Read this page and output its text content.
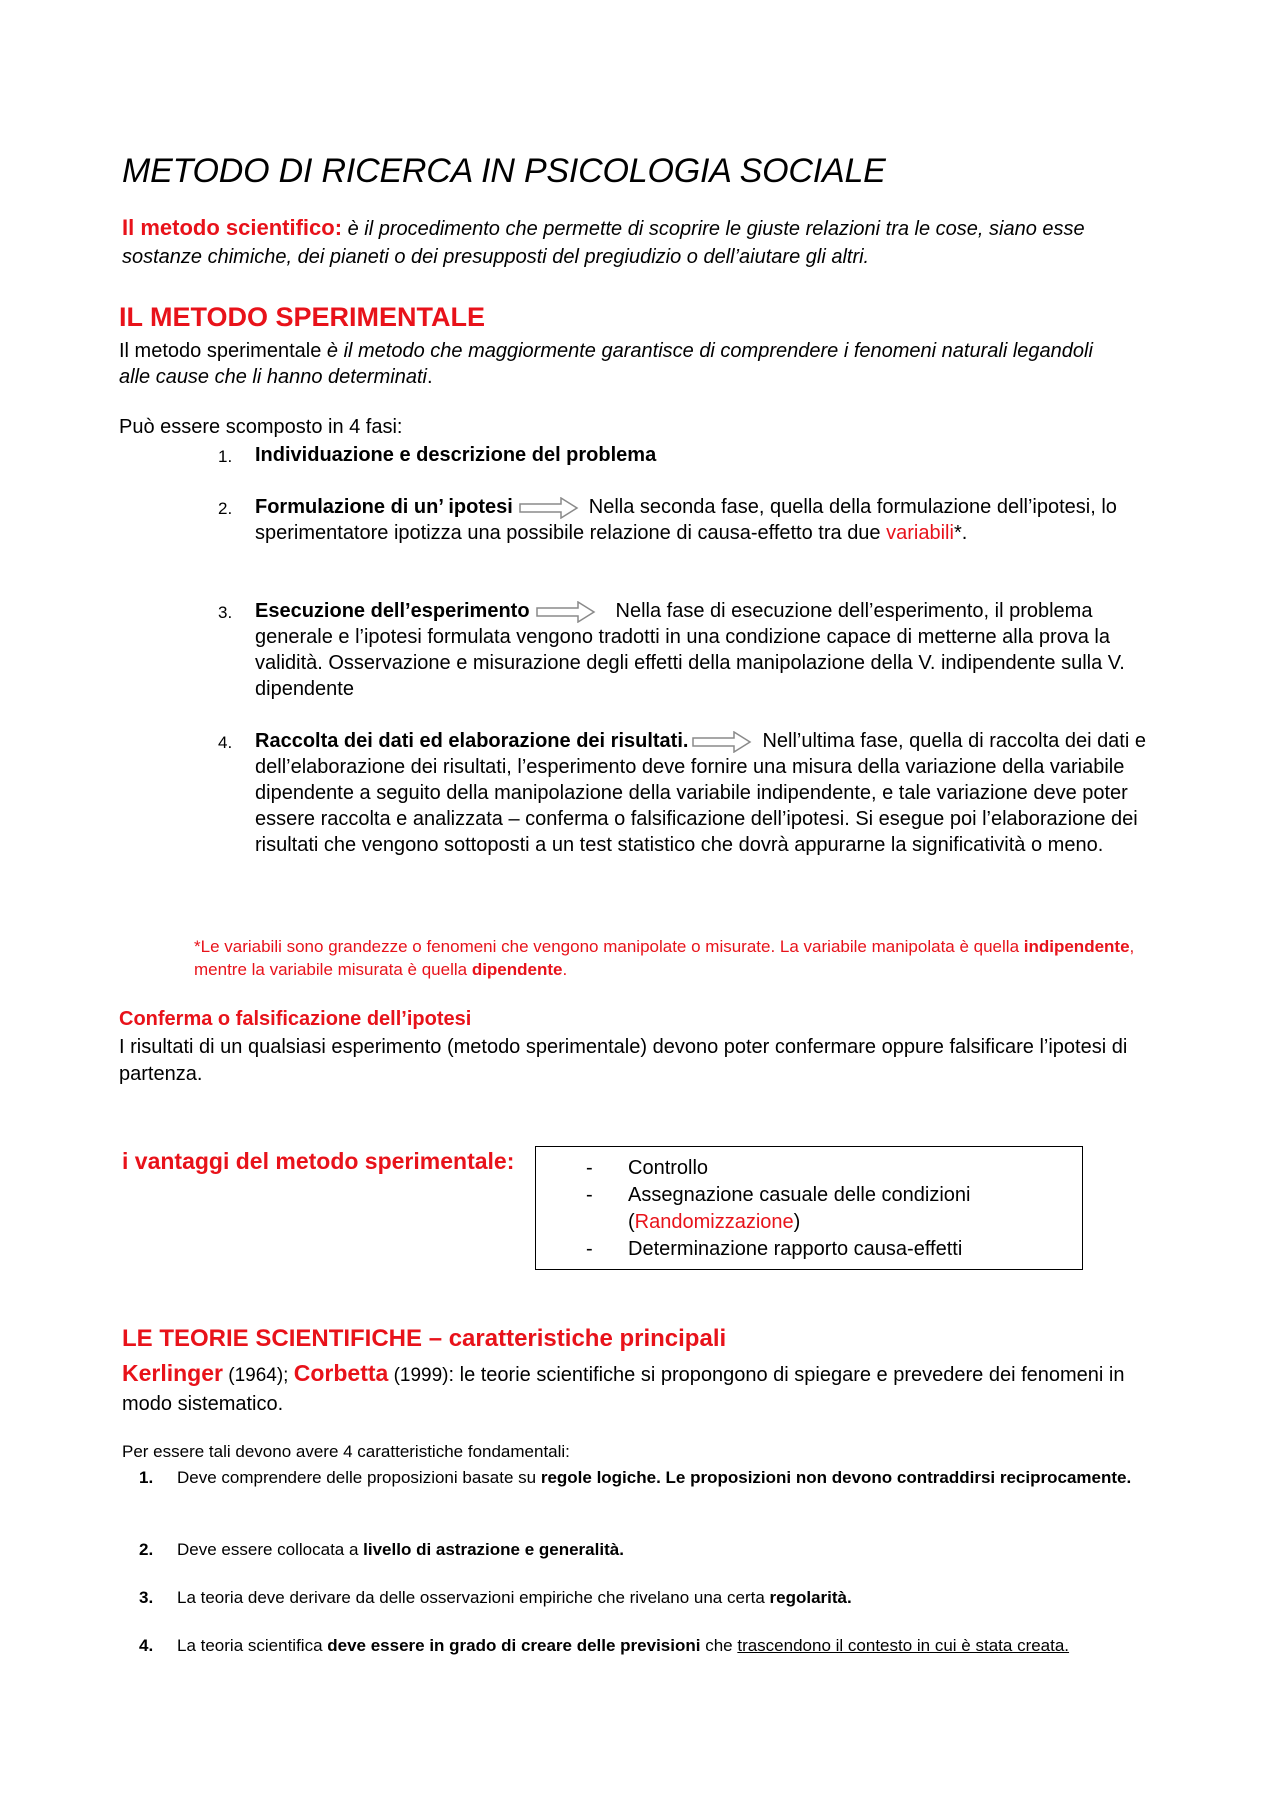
METODO DI RICERCA IN PSICOLOGIA SOCIALE
Il metodo scientifico: è il procedimento che permette di scoprire le giuste relazioni tra le cose, siano esse sostanze chimiche, dei pianeti o dei presupposti del pregiudizio o dell’aiutare gli altri.
IL METODO SPERIMENTALE
Il metodo sperimentale è il metodo che maggiormente garantisce di comprendere i fenomeni naturali legandoli alle cause che li hanno determinati.
Può essere scomposto in 4 fasi:
1. Individuazione e descrizione del problema
2. Formulazione di un’ ipotesi	Nella seconda fase, quella della formulazione dell’ipotesi, lo sperimentatore ipotizza una possibile relazione di causa-effetto tra due variabili*.
3. Esecuzione dell’esperimento	Nella fase di esecuzione dell’esperimento, il problema generale e l’ipotesi formulata vengono tradotti in una condizione capace di metterne alla prova la validità. Osservazione e misurazione degli effetti della manipolazione della V. indipendente sulla V. dipendente
4. Raccolta dei dati ed elaborazione dei risultati.	Nell’ultima fase, quella di raccolta dei dati e dell’elaborazione dei risultati, l’esperimento deve fornire una misura della variazione della variabile dipendente a seguito della manipolazione della variabile indipendente, e tale variazione deve poter essere raccolta e analizzata – conferma o falsificazione dell’ipotesi. Si esegue poi l’elaborazione dei risultati che vengono sottoposti a un test statistico che dovrà appurarne la significatività o meno.
*Le variabili sono grandezze o fenomeni che vengono manipolate o misurate. La variabile manipolata è quella indipendente, mentre la variabile misurata è quella dipendente.
Conferma o falsificazione dell’ipotesi
I risultati di un qualsiasi esperimento (metodo sperimentale) devono poter confermare oppure falsificare l’ipotesi di partenza.
i vantaggi del metodo sperimentale:	- Controllo
- Assegnazione casuale delle condizioni (Randomizzazione)
- Determinazione rapporto causa-effetti
LE TEORIE SCIENTIFICHE – caratteristiche principali
Kerlinger (1964); Corbetta (1999): le teorie scientifiche si propongono di spiegare e prevedere dei fenomeni in modo sistematico.
Per essere tali devono avere 4 caratteristiche fondamentali:
1. Deve comprendere delle proposizioni basate su regole logiche. Le proposizioni non devono contraddirsi reciprocamente.
2. Deve essere collocata a livello di astrazione e generalità.
3. La teoria deve derivare da delle osservazioni empiriche che rivelano una certa regolarità.
4. La teoria scientifica deve essere in grado di creare delle previsioni che trascendono il contesto in cui è stata creata.
